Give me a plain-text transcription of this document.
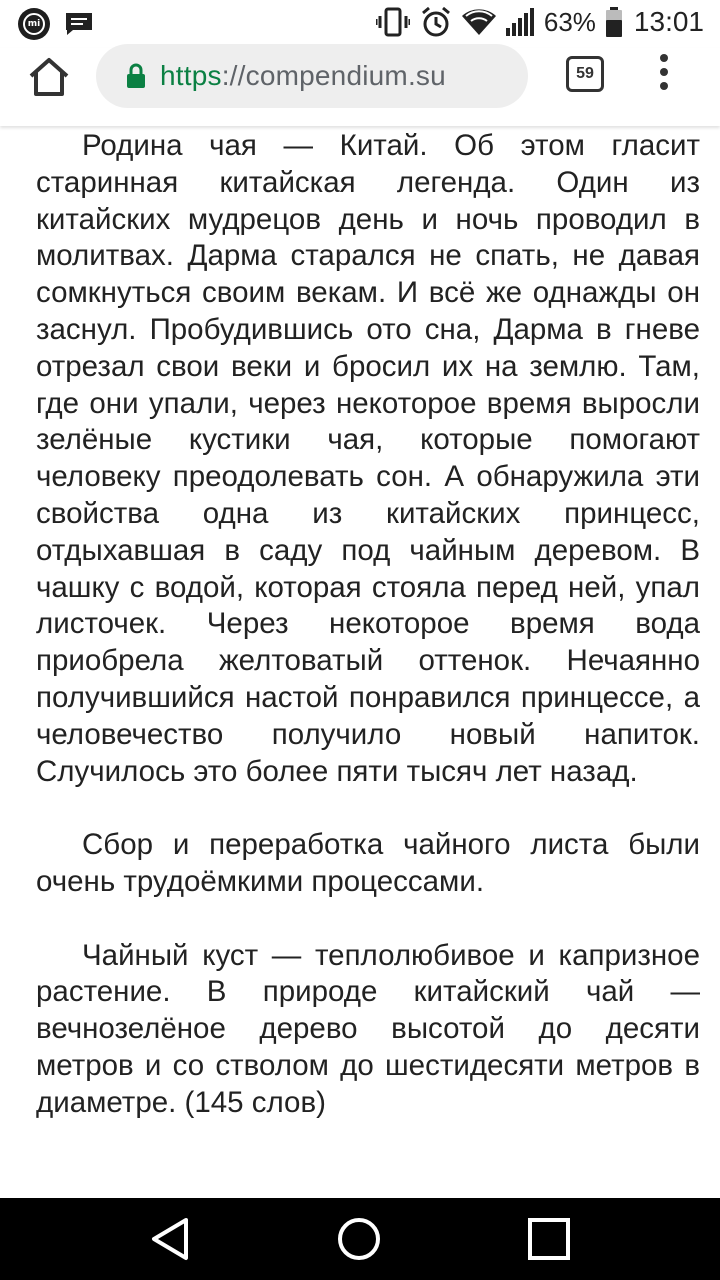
mi	63% 13:01
https://compendium.su	59

Родина чая — Китай. Об этом гласит старинная китайская легенда. Один из китайских мудрецов день и ночь проводил в молитвах. Дарма старался не спать, не давая сомкнуться своим векам. И всё же однажды он заснул. Пробудившись ото сна, Дарма в гневе отрезал свои веки и бросил их на землю. Там, где они упали, через некоторое время выросли зелёные кустики чая, которые помогают человеку преодолевать сон. А обнаружила эти свойства одна из китайских принцесс, отдыхавшая в саду под чайным деревом. В чашку с водой, которая стояла перед ней, упал листочек. Через некоторое время вода приобрела желтоватый оттенок. Нечаянно получившийся настой понравился принцессе, а человечество получило новый напиток. Случилось это более пяти тысяч лет назад.

Сбор и переработка чайного листа были очень трудоёмкими процессами.

Чайный куст — теплолюбивое и капризное растение. В природе китайский чай — вечнозелёное дерево высотой до десяти метров и со стволом до шестидесяти метров в диаметре. (145 слов)
